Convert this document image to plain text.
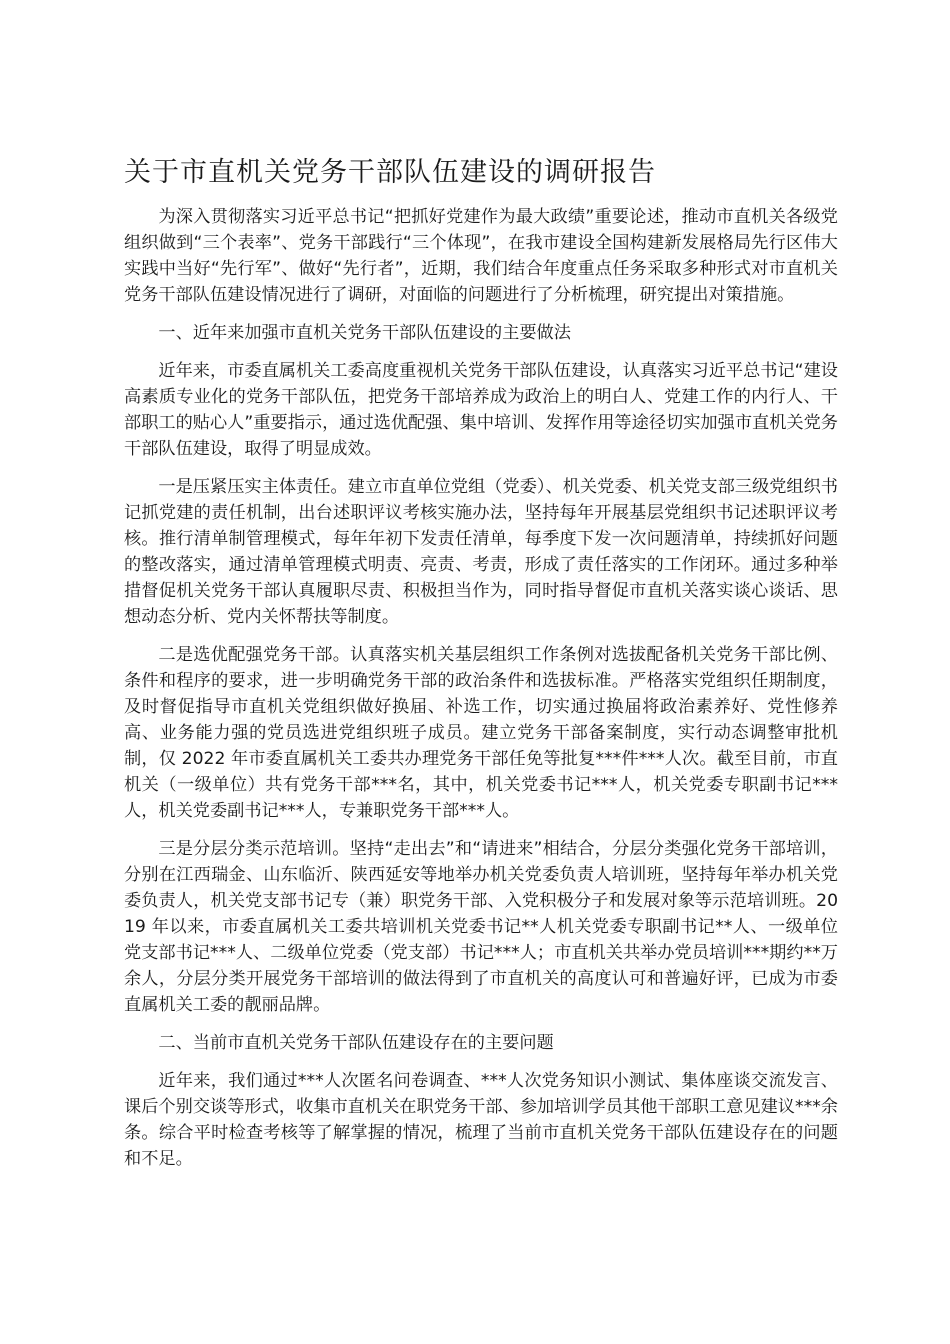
关于市直机关党务干部队伍建设的调研报告

为深入贯彻落实习近平总书记“把抓好党建作为最大政绩”重要论述，推动市直机关各级党组织做到“三个表率”、党务干部践行“三个体现”，在我市建设全国构建新发展格局先行区伟大实践中当好“先行军”、做好“先行者”，近期，我们结合年度重点任务采取多种形式对市直机关党务干部队伍建设情况进行了调研，对面临的问题进行了分析梳理，研究提出对策措施。

一、近年来加强市直机关党务干部队伍建设的主要做法

近年来，市委直属机关工委高度重视机关党务干部队伍建设，认真落实习近平总书记“建设高素质专业化的党务干部队伍，把党务干部培养成为政治上的明白人、党建工作的内行人、干部职工的贴心人”重要指示，通过选优配强、集中培训、发挥作用等途径切实加强市直机关党务干部队伍建设，取得了明显成效。

一是压紧压实主体责任。建立市直单位党组（党委）、机关党委、机关党支部三级党组织书记抓党建的责任机制，出台述职评议考核实施办法，坚持每年开展基层党组织书记述职评议考核。推行清单制管理模式，每年年初下发责任清单，每季度下发一次问题清单，持续抓好问题的整改落实，通过清单管理模式明责、亮责、考责，形成了责任落实的工作闭环。通过多种举措督促机关党务干部认真履职尽责、积极担当作为，同时指导督促市直机关落实谈心谈话、思想动态分析、党内关怀帮扶等制度。

二是选优配强党务干部。认真落实机关基层组织工作条例对选拔配备机关党务干部比例、条件和程序的要求，进一步明确党务干部的政治条件和选拔标准。严格落实党组织任期制度，及时督促指导市直机关党组织做好换届、补选工作，切实通过换届将政治素养好、党性修养高、业务能力强的党员选进党组织班子成员。建立党务干部备案制度，实行动态调整审批机制，仅 2022 年市委直属机关工委共办理党务干部任免等批复***件***人次。截至目前，市直机关（一级单位）共有党务干部***名，其中，机关党委书记***人，机关党委专职副书记***人，机关党委副书记***人，专兼职党务干部***人。

三是分层分类示范培训。坚持“走出去”和“请进来”相结合，分层分类强化党务干部培训，分别在江西瑞金、山东临沂、陕西延安等地举办机关党委负责人培训班，坚持每年举办机关党委负责人，机关党支部书记专（兼）职党务干部、入党积极分子和发展对象等示范培训班。2019 年以来，市委直属机关工委共培训机关党委书记**人机关党委专职副书记**人、一级单位党支部书记***人、二级单位党委（党支部）书记***人；市直机关共举办党员培训***期约**万余人，分层分类开展党务干部培训的做法得到了市直机关的高度认可和普遍好评，已成为市委直属机关工委的靓丽品牌。

二、当前市直机关党务干部队伍建设存在的主要问题

近年来，我们通过***人次匿名问卷调查、***人次党务知识小测试、集体座谈交流发言、课后个别交谈等形式，收集市直机关在职党务干部、参加培训学员其他干部职工意见建议***余条。综合平时检查考核等了解掌握的情况，梳理了当前市直机关党务干部队伍建设存在的问题和不足。
